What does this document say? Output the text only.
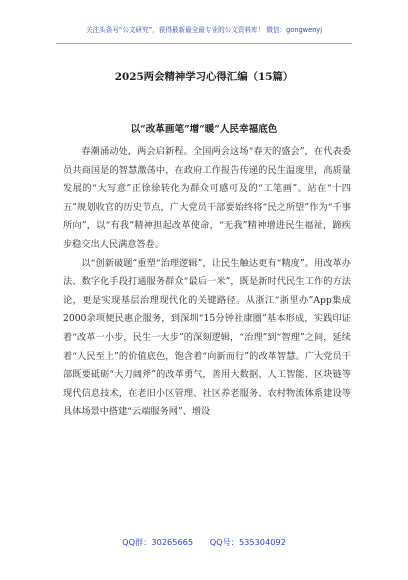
关注头条号“公文研究”，获得最新最全最专业的公文资料库！ 微信：gongwenyj
2025两会精神学习心得汇编（15篇）
以“改革画笔”增“暖”人民幸福底色

春潮涌动处，两会启新程。全国两会这场“春天的盛会”，在代表委员共商国是的智慧激荡中，在政府工作报告传递的民生温度里，高质量发展的“大写意”正徐徐转化为群众可感可及的“工笔画”。站在“十四五”规划收官的历史节点，广大党员干部要始终将“民之所望”作为“千事所向”，以“有我”精神担起改革使命，“无我”精神增进民生福祉，蹄疾步稳交出人民满意答卷。

以“创新破题”重塑“治理逻辑”，让民生触达更有“精度”。用改革办法、数字化手段打通服务群众“最后一米”，既是新时代民生工作的方法论，更是实现基层治理现代化的关键路径。从浙江“浙里办”App集成2000余项便民惠企服务，到深圳“15分钟社康圈”基本形成，实践印证着“改革一小步，民生一大步”的深刻逻辑，“治理”到“智理”之间，延续着“人民至上”的价值底色，饱含着“向新而行”的改革智慧。广大党员干部既要砥砺“大刀阔斧”的改革勇气，善用大数据、人工智能、区块链等现代信息技术，在老旧小区管理、社区养老服务、农村物流体系建设等具体场景中搭建“云端服务网”、增设

QQ群：30265665 QQ号：535304092
